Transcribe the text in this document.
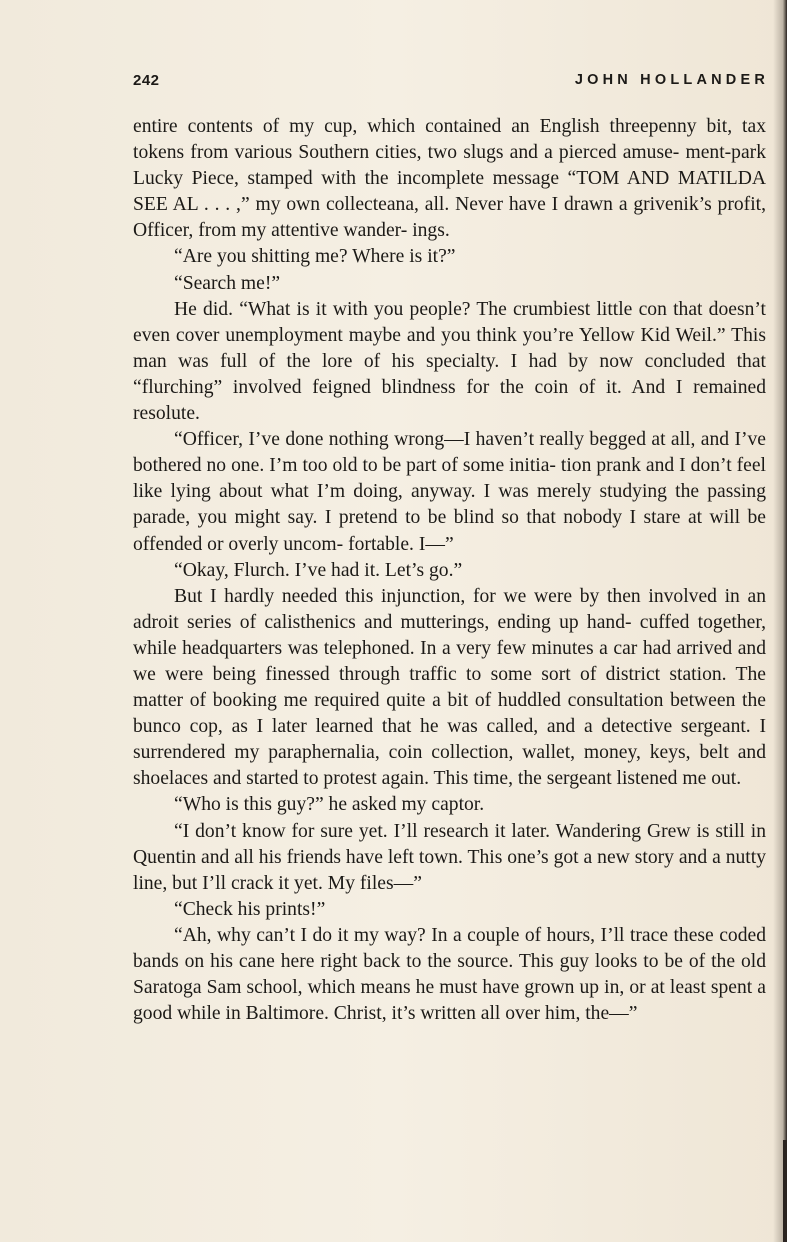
242	JOHN HOLLANDER

entire contents of my cup, which contained an English threepenny bit, tax tokens from various Southern cities, two slugs and a pierced amuse- ment-park Lucky Piece, stamped with the incomplete message “TOM AND MATILDA SEE AL . . . ,” my own collecteana, all. Never have I drawn a grivenik’s profit, Officer, from my attentive wander- ings.

“Are you shitting me? Where is it?”

“Search me!”

He did. “What is it with you people? The crumbiest little con that doesn’t even cover unemployment maybe and you think you’re Yellow Kid Weil.” This man was full of the lore of his specialty. I had by now concluded that “flurching” involved feigned blindness for the coin of it. And I remained resolute.

“Officer, I’ve done nothing wrong—I haven’t really begged at all, and I’ve bothered no one. I’m too old to be part of some initia- tion prank and I don’t feel like lying about what I’m doing, anyway. I was merely studying the passing parade, you might say. I pretend to be blind so that nobody I stare at will be offended or overly uncom- fortable. I—”

“Okay, Flurch. I’ve had it. Let’s go.”

But I hardly needed this injunction, for we were by then involved in an adroit series of calisthenics and mutterings, ending up hand- cuffed together, while headquarters was telephoned. In a very few minutes a car had arrived and we were being finessed through traffic to some sort of district station. The matter of booking me required quite a bit of huddled consultation between the bunco cop, as I later learned that he was called, and a detective sergeant. I surrendered my paraphernalia, coin collection, wallet, money, keys, belt and shoelaces and started to protest again. This time, the sergeant listened me out.

“Who is this guy?” he asked my captor.

“I don’t know for sure yet. I’ll research it later. Wandering Grew is still in Quentin and all his friends have left town. This one’s got a new story and a nutty line, but I’ll crack it yet. My files—”

“Check his prints!”

“Ah, why can’t I do it my way? In a couple of hours, I’ll trace these coded bands on his cane here right back to the source. This guy looks to be of the old Saratoga Sam school, which means he must have grown up in, or at least spent a good while in Baltimore. Christ, it’s written all over him, the—”
